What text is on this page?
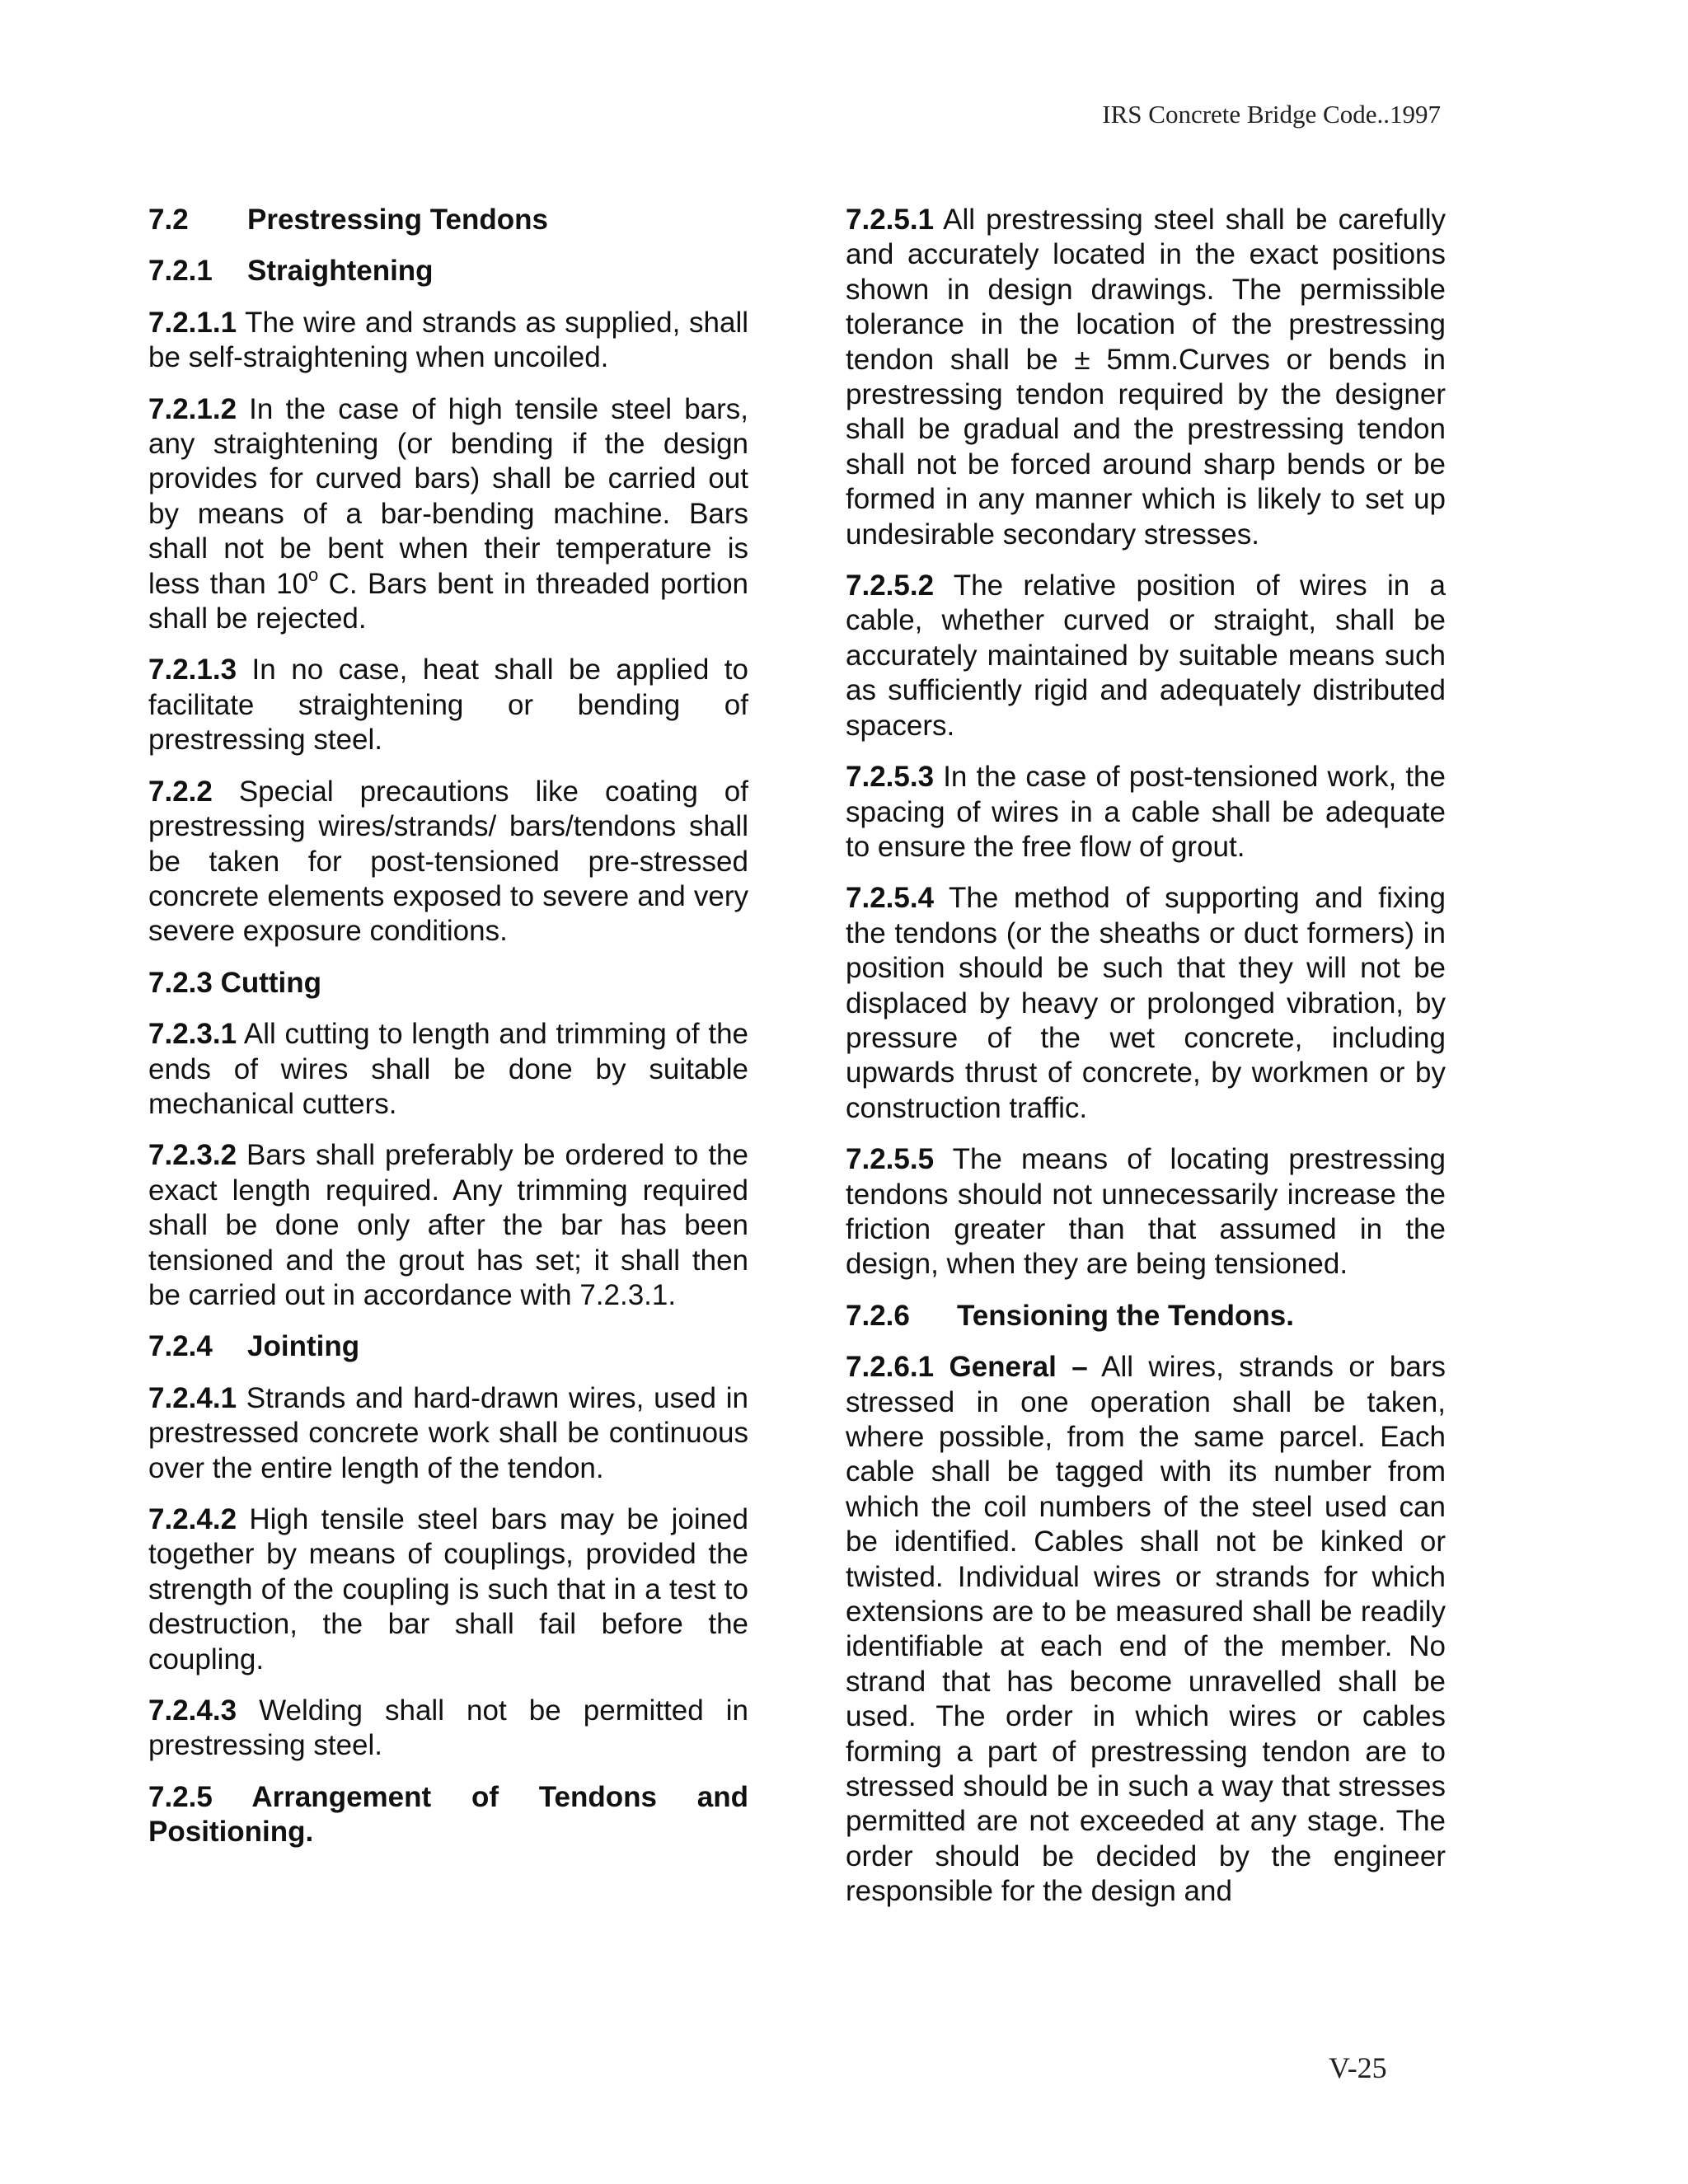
IRS Concrete Bridge Code..1997
7.2 Prestressing Tendons
7.2.1 Straightening

7.2.1.1 The wire and strands as supplied, shall be self-straightening when uncoiled.

7.2.1.2 In the case of high tensile steel bars, any straightening (or bending if the design provides for curved bars) shall be carried out by means of a bar-bending machine. Bars shall not be bent when their temperature is less than 10$^o$ C. Bars bent in threaded portion shall be rejected.

7.2.1.3 In no case, heat shall be applied to facilitate straightening or bending of prestressing steel.

7.2.2 Special precautions like coating of prestressing wires/strands/ bars/tendons shall be taken for post-tensioned pre-stressed concrete elements exposed to severe and very severe exposure conditions.

7.2.3 Cutting

7.2.3.1 All cutting to length and trimming of the ends of wires shall be done by suitable mechanical cutters.

7.2.3.2 Bars shall preferably be ordered to the exact length required. Any trimming required shall be done only after the bar has been tensioned and the grout has set; it shall then be carried out in accordance with 7.2.3.1.

7.2.4 Jointing

7.2.4.1 Strands and hard-drawn wires, used in prestressed concrete work shall be continuous over the entire length of the tendon.

7.2.4.2 High tensile steel bars may be joined together by means of couplings, provided the strength of the coupling is such that in a test to destruction, the bar shall fail before the coupling.

7.2.4.3 Welding shall not be permitted in prestressing steel.

7.2.5 Arrangement of Tendons and Positioning.

7.2.5.1 All prestressing steel shall be carefully and accurately located in the exact positions shown in design drawings. The permissible tolerance in the location of the prestressing tendon shall be ± 5mm.Curves or bends in prestressing tendon required by the designer shall be gradual and the prestressing tendon shall not be forced around sharp bends or be formed in any manner which is likely to set up undesirable secondary stresses.

7.2.5.2 The relative position of wires in a cable, whether curved or straight, shall be accurately maintained by suitable means such as sufficiently rigid and adequately distributed spacers.

7.2.5.3 In the case of post-tensioned work, the spacing of wires in a cable shall be adequate to ensure the free flow of grout.

7.2.5.4 The method of supporting and fixing the tendons (or the sheaths or duct formers) in position should be such that they will not be displaced by heavy or prolonged vibration, by pressure of the wet concrete, including upwards thrust of concrete, by workmen or by construction traffic.

7.2.5.5 The means of locating prestressing tendons should not unnecessarily increase the friction greater than that assumed in the design, when they are being tensioned.

7.2.6 Tensioning the Tendons.

7.2.6.1 General – All wires, strands or bars stressed in one operation shall be taken, where possible, from the same parcel. Each cable shall be tagged with its number from which the coil numbers of the steel used can be identified. Cables shall not be kinked or twisted. Individual wires or strands for which extensions are to be measured shall be readily identifiable at each end of the member. No strand that has become unravelled shall be used. The order in which wires or cables forming a part of prestressing tendon are to stressed should be in such a way that stresses permitted are not exceeded at any stage. The order should be decided by the engineer responsible for the design and

V-25
